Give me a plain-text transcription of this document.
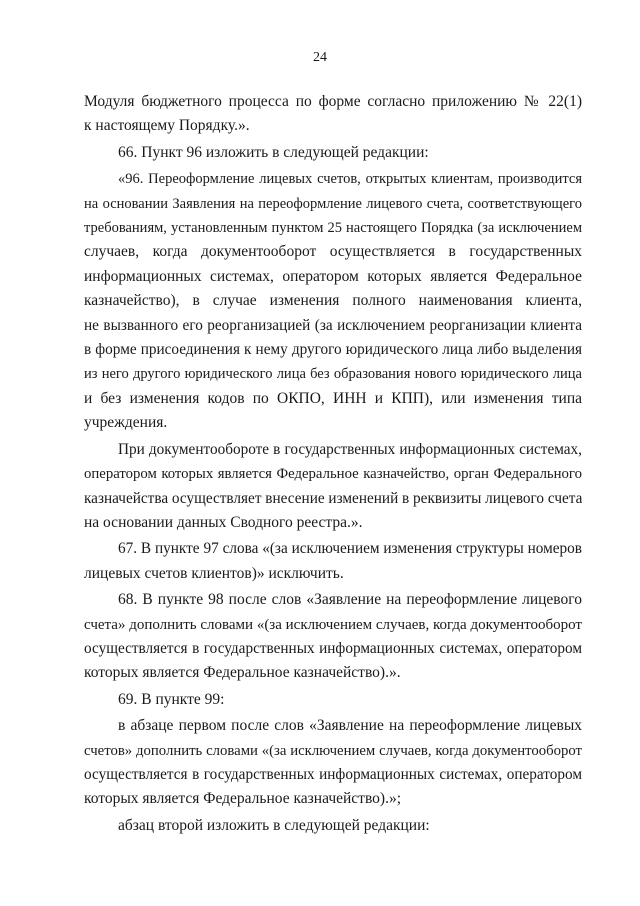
24
Модуля бюджетного процесса по форме согласно приложению № 22(1)
к настоящему Порядку.».
66. Пункт 96 изложить в следующей редакции:
«96. Переоформление лицевых счетов, открытых клиентам, производится
на основании Заявления на переоформление лицевого счета, соответствующего
требованиям, установленным пунктом 25 настоящего Порядка (за исключением
случаев, когда документооборот осуществляется в государственных
информационных системах, оператором которых является Федеральное
казначейство), в случае изменения полного наименования клиента,
не вызванного его реорганизацией (за исключением реорганизации клиента
в форме присоединения к нему другого юридического лица либо выделения
из него другого юридического лица без образования нового юридического лица
и без изменения кодов по ОКПО, ИНН и КПП), или изменения типа
учреждения.
При документообороте в государственных информационных системах,
оператором которых является Федеральное казначейство, орган Федерального
казначейства осуществляет внесение изменений в реквизиты лицевого счета
на основании данных Сводного реестра.».
67. В пункте 97 слова «(за исключением изменения структуры номеров
лицевых счетов клиентов)» исключить.
68. В пункте 98 после слов «Заявление на переоформление лицевого
счета» дополнить словами «(за исключением случаев, когда документооборот
осуществляется в государственных информационных системах, оператором
которых является Федеральное казначейство).».
69. В пункте 99:
в абзаце первом после слов «Заявление на переоформление лицевых
счетов» дополнить словами «(за исключением случаев, когда документооборот
осуществляется в государственных информационных системах, оператором
которых является Федеральное казначейство).»;
абзац второй изложить в следующей редакции:
